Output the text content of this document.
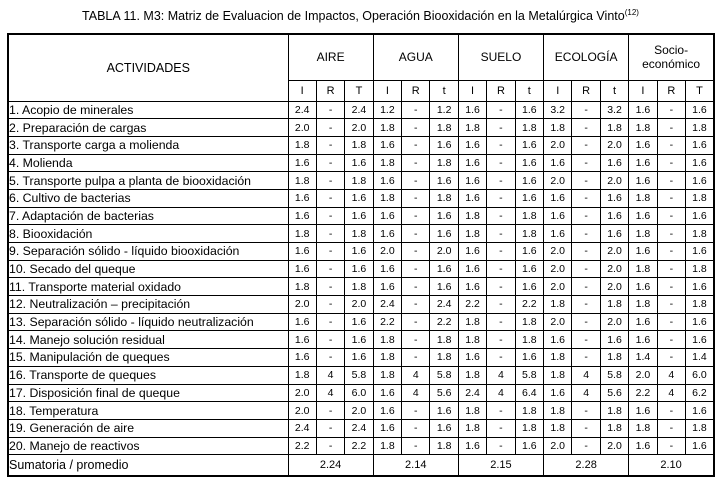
TABLA 11. M3: Matriz de Evaluacion de Impactos, Operación Biooxidación en la Metalúrgica Vinto$^{(12)}$
ACTIVIDADES	AIRE			AGUA			SUELO			ECOLOGÍA			Socio-económico		
	I	R	T	I	R	t	I	R	t	I	R	t	I	R	T
1. Acopio de minerales	2.4	-	2.4	1.2	-	1.2	1.6	-	1.6	3.2	-	3.2	1.6	-	1.6
2. Preparación de cargas	2.0	-	2.0	1.8	-	1.8	1.8	-	1.8	1.8	-	1.8	1.8	-	1.8
3. Transporte carga a molienda	1.8	-	1.8	1.6	-	1.6	1.6	-	1.6	2.0	-	2.0	1.6	-	1.6
4. Molienda	1.6	-	1.6	1.8	-	1.8	1.6	-	1.6	1.6	-	1.6	1.6	-	1.6
5. Transporte pulpa a planta de biooxidación	1.8	-	1.8	1.6	-	1.6	1.6	-	1.6	2.0	-	2.0	1.6	-	1.6
6. Cultivo de bacterias	1.6	-	1.6	1.8	-	1.8	1.6	-	1.6	1.6	-	1.6	1.8	-	1.8
7. Adaptación de bacterias	1.6	-	1.6	1.6	-	1.6	1.8	-	1.8	1.6	-	1.6	1.6	-	1.6
8. Biooxidación	1.8	-	1.8	1.6	-	1.6	1.8	-	1.8	1.6	-	1.6	1.8	-	1.8
9. Separación sólido - líquido biooxidación	1.6	-	1.6	2.0	-	2.0	1.6	-	1.6	2.0	-	2.0	1.6	-	1.6
10. Secado del queque	1.6	-	1.6	1.6	-	1.6	1.6	-	1.6	2.0	-	2.0	1.8	-	1.8
11. Transporte material oxidado	1.8	-	1.8	1.6	-	1.6	1.6	-	1.6	2.0	-	2.0	1.6	-	1.6
12. Neutralización – precipitación	2.0	-	2.0	2.4	-	2.4	2.2	-	2.2	1.8	-	1.8	1.8	-	1.8
13. Separación sólido - líquido neutralización	1.6	-	1.6	2.2	-	2.2	1.8	-	1.8	2.0	-	2.0	1.6	-	1.6
14. Manejo solución residual	1.6	-	1.6	1.8	-	1.8	1.8	-	1.8	1.6	-	1.6	1.6	-	1.6
15. Manipulación de queques	1.6	-	1.6	1.8	-	1.8	1.6	-	1.6	1.8	-	1.8	1.4	-	1.4
16. Transporte de queques	1.8	4	5.8	1.8	4	5.8	1.8	4	5.8	1.8	4	5.8	2.0	4	6.0
17. Disposición final de queque	2.0	4	6.0	1.6	4	5.6	2.4	4	6.4	1.6	4	5.6	2.2	4	6.2
18. Temperatura	2.0	-	2.0	1.6	-	1.6	1.8	-	1.8	1.8	-	1.8	1.6	-	1.6
19. Generación de aire	2.4	-	2.4	1.6	-	1.6	1.8	-	1.8	1.8	-	1.8	1.8	-	1.8
20. Manejo de reactivos	2.2	-	2.2	1.8	-	1.8	1.6	-	1.6	2.0	-	2.0	1.6	-	1.6
Sumatoria / promedio	2.24			2.14			2.15			2.28			2.10		
